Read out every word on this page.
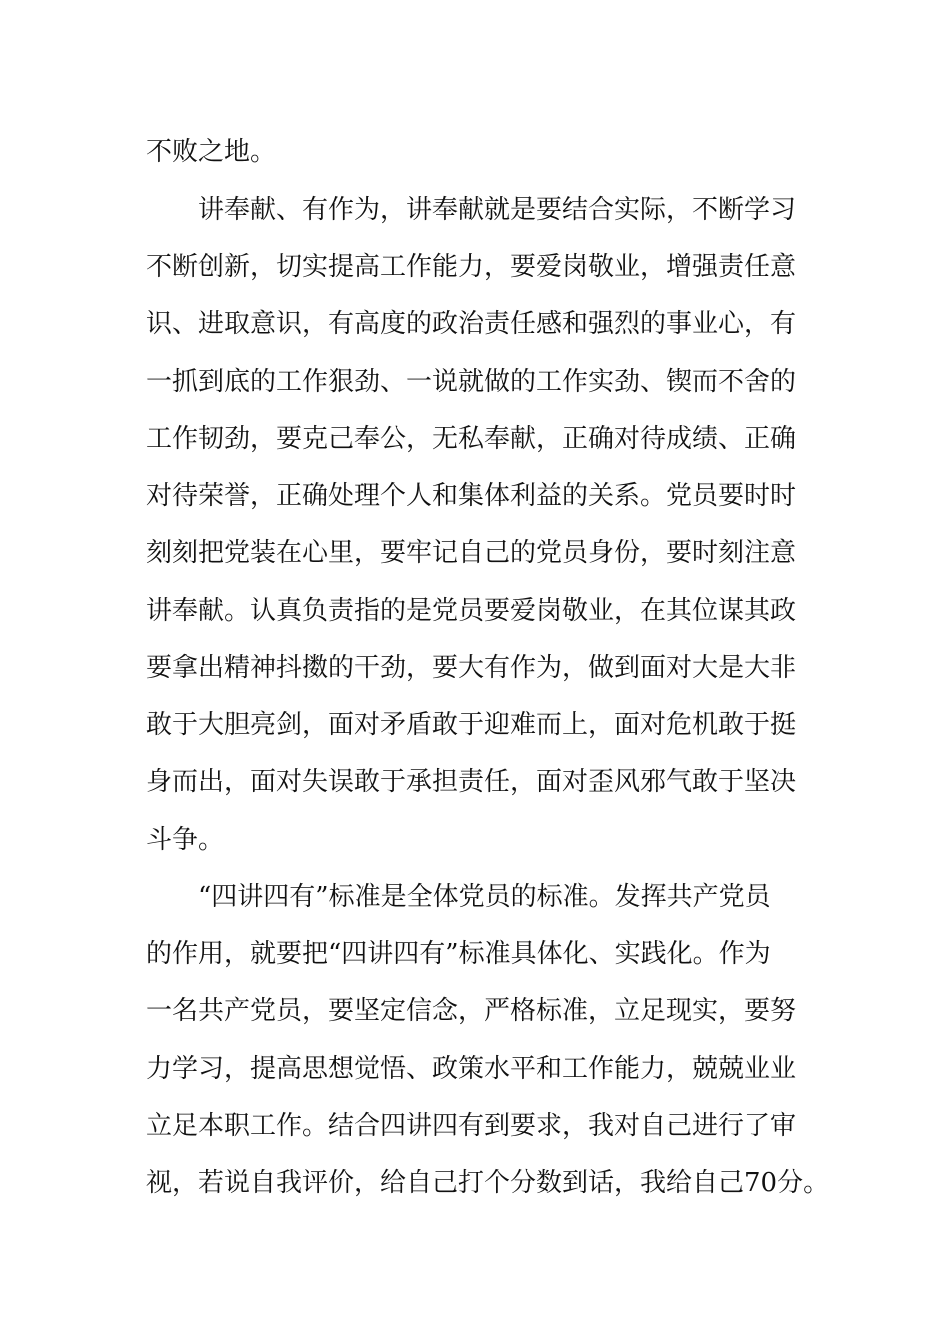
不败之地。

讲奉献、有作为，讲奉献就是要结合实际，不断学习

不断创新，切实提高工作能力，要爱岗敬业，增强责任意

识、进取意识，有高度的政治责任感和强烈的事业心，有

一抓到底的工作狠劲、一说就做的工作实劲、锲而不舍的

工作韧劲，要克己奉公，无私奉献，正确对待成绩、正确

对待荣誉，正确处理个人和集体利益的关系。党员要时时

刻刻把党装在心里，要牢记自己的党员身份，要时刻注意

讲奉献。认真负责指的是党员要爱岗敬业，在其位谋其政

要拿出精神抖擞的干劲，要大有作为，做到面对大是大非

敢于大胆亮剑，面对矛盾敢于迎难而上，面对危机敢于挺

身而出，面对失误敢于承担责任，面对歪风邪气敢于坚决

斗争。

“四讲四有”标准是全体党员的标准。发挥共产党员

的作用，就要把“四讲四有”标准具体化、实践化。作为

一名共产党员，要坚定信念，严格标准，立足现实，要努

力学习，提高思想觉悟、政策水平和工作能力，兢兢业业

立足本职工作。结合四讲四有到要求，我对自己进行了审

视，若说自我评价，给自己打个分数到话，我给自己70分。
